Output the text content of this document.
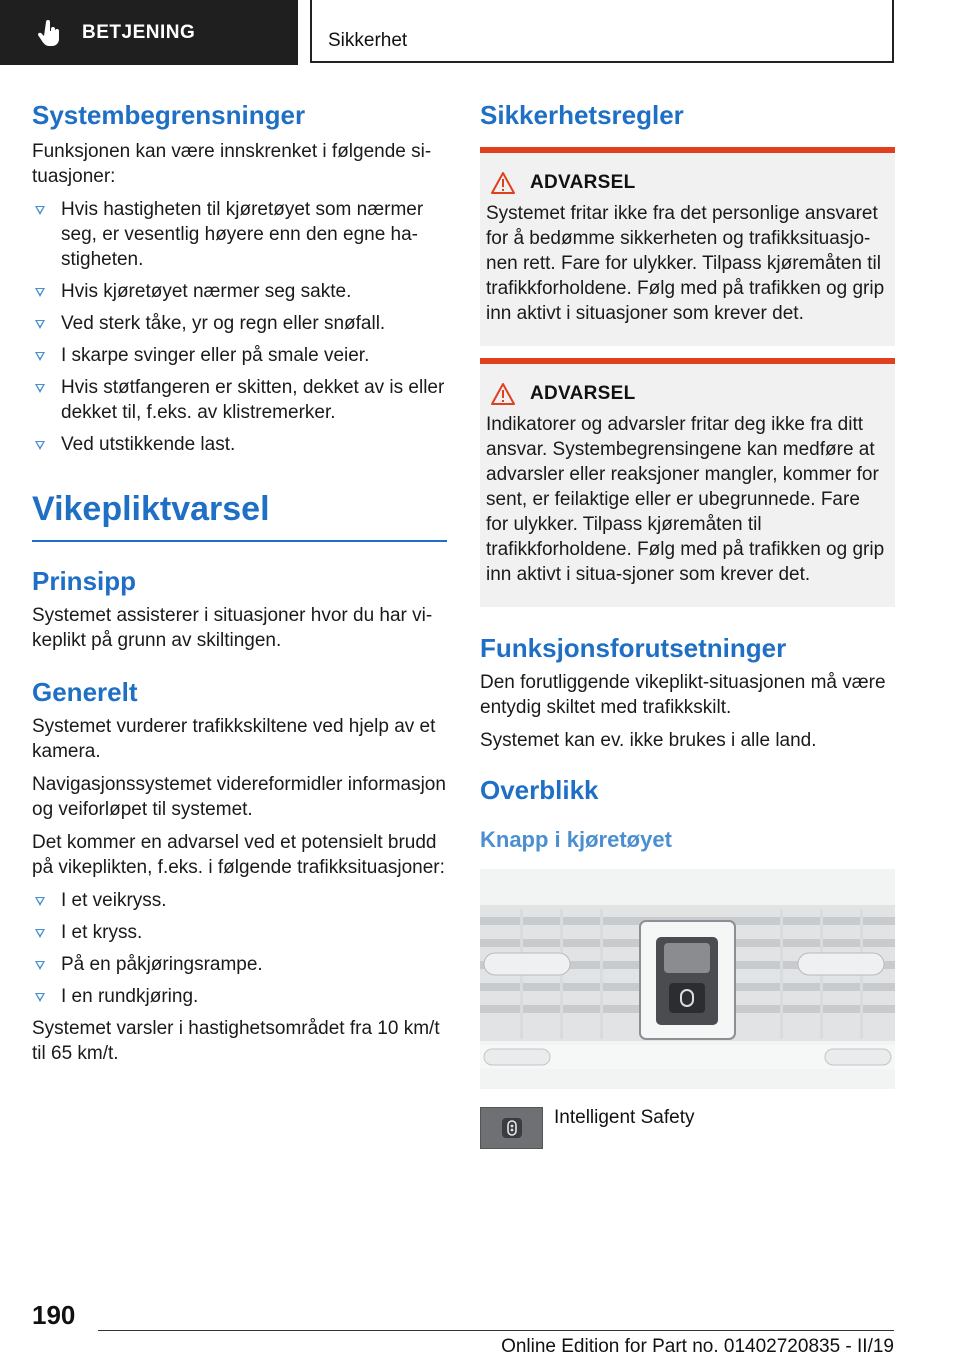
BETJENING	Sikkerhet
Systembegrensninger

Funksjonen kan være innskrenket i følgende si-tuasjoner:

Hvis hastigheten til kjøretøyet som nærmer seg, er vesentlig høyere enn den egne ha-stigheten.
Hvis kjøretøyet nærmer seg sakte.
Ved sterk tåke, yr og regn eller snøfall.
I skarpe svinger eller på smale veier.
Hvis støtfangeren er skitten, dekket av is eller dekket til, f.eks. av klistremerker.
Ved utstikkende last.
Vikepliktvarsel
Prinsipp

Systemet assisterer i situasjoner hvor du har vi-keplikt på grunn av skiltingen.

Generelt

Systemet vurderer trafikkskiltene ved hjelp av et kamera.

Navigasjonssystemet videreformidler informasjon og veiforløpet til systemet.

Det kommer en advarsel ved et potensielt brudd på vikeplikten, f.eks. i følgende trafikksituasjoner:

I et veikryss.
I et kryss.
På en påkjøringsrampe.
I en rundkjøring.

Systemet varsler i hastighetsområdet fra 10 km/t til 65 km/t.

Sikkerhetsregler
ADVARSEL

Systemet fritar ikke fra det personlige ansvaret for å bedømme sikkerheten og trafikksituasjo-nen rett. Fare for ulykker. Tilpass kjøremåten til trafikkforholdene. Følg med på trafikken og grip inn aktivt i situasjoner som krever det.

ADVARSEL

Indikatorer og advarsler fritar deg ikke fra ditt ansvar. Systembegrensingene kan medføre at advarsler eller reaksjoner mangler, kommer for sent, er feilaktige eller er ubegrunnede. Fare for ulykker. Tilpass kjøremåten til trafikkforholdene. Følg med på trafikken og grip inn aktivt i situa-sjoner som krever det.

Funksjonsforutsetninger

Den forutliggende vikeplikt-situasjonen må være entydig skiltet med trafikkskilt.

Systemet kan ev. ikke brukes i alle land.

Overblikk
Knapp i kjøretøyet
Intelligent Safety
190
Online Edition for Part no. 01402720835 - II/19
